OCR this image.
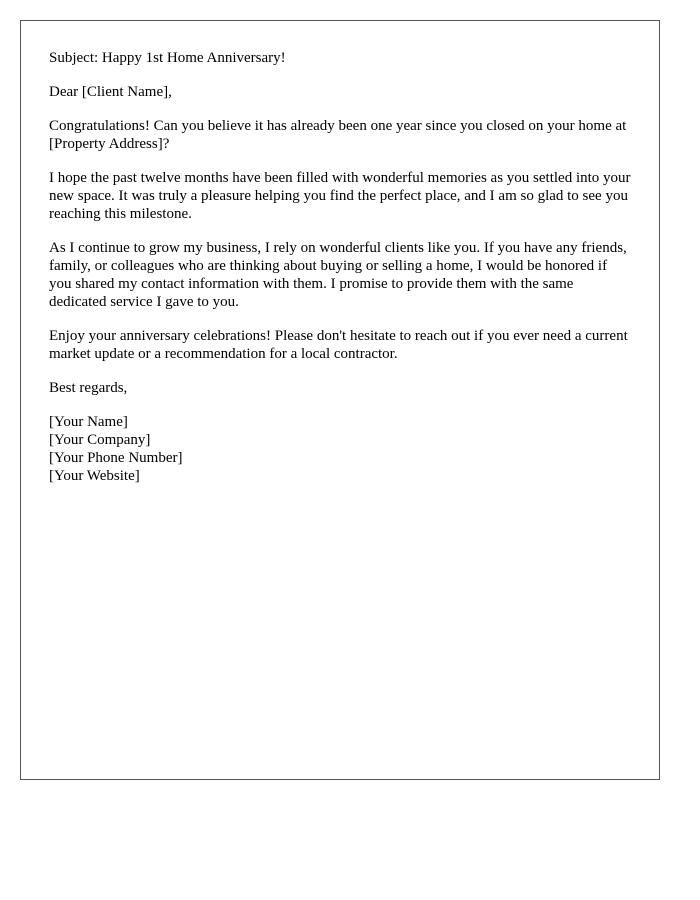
Subject: Happy 1st Home Anniversary!

Dear [Client Name],

Congratulations! Can you believe it has already been one year since you closed on your home at [Property Address]?

I hope the past twelve months have been filled with wonderful memories as you settled into your new space. It was truly a pleasure helping you find the perfect place, and I am so glad to see you reaching this milestone.

As I continue to grow my business, I rely on wonderful clients like you. If you have any friends, family, or colleagues who are thinking about buying or selling a home, I would be honored if you shared my contact information with them. I promise to provide them with the same dedicated service I gave to you.

Enjoy your anniversary celebrations! Please don't hesitate to reach out if you ever need a current market update or a recommendation for a local contractor.

Best regards,

[Your Name]
[Your Company]
[Your Phone Number]
[Your Website]
